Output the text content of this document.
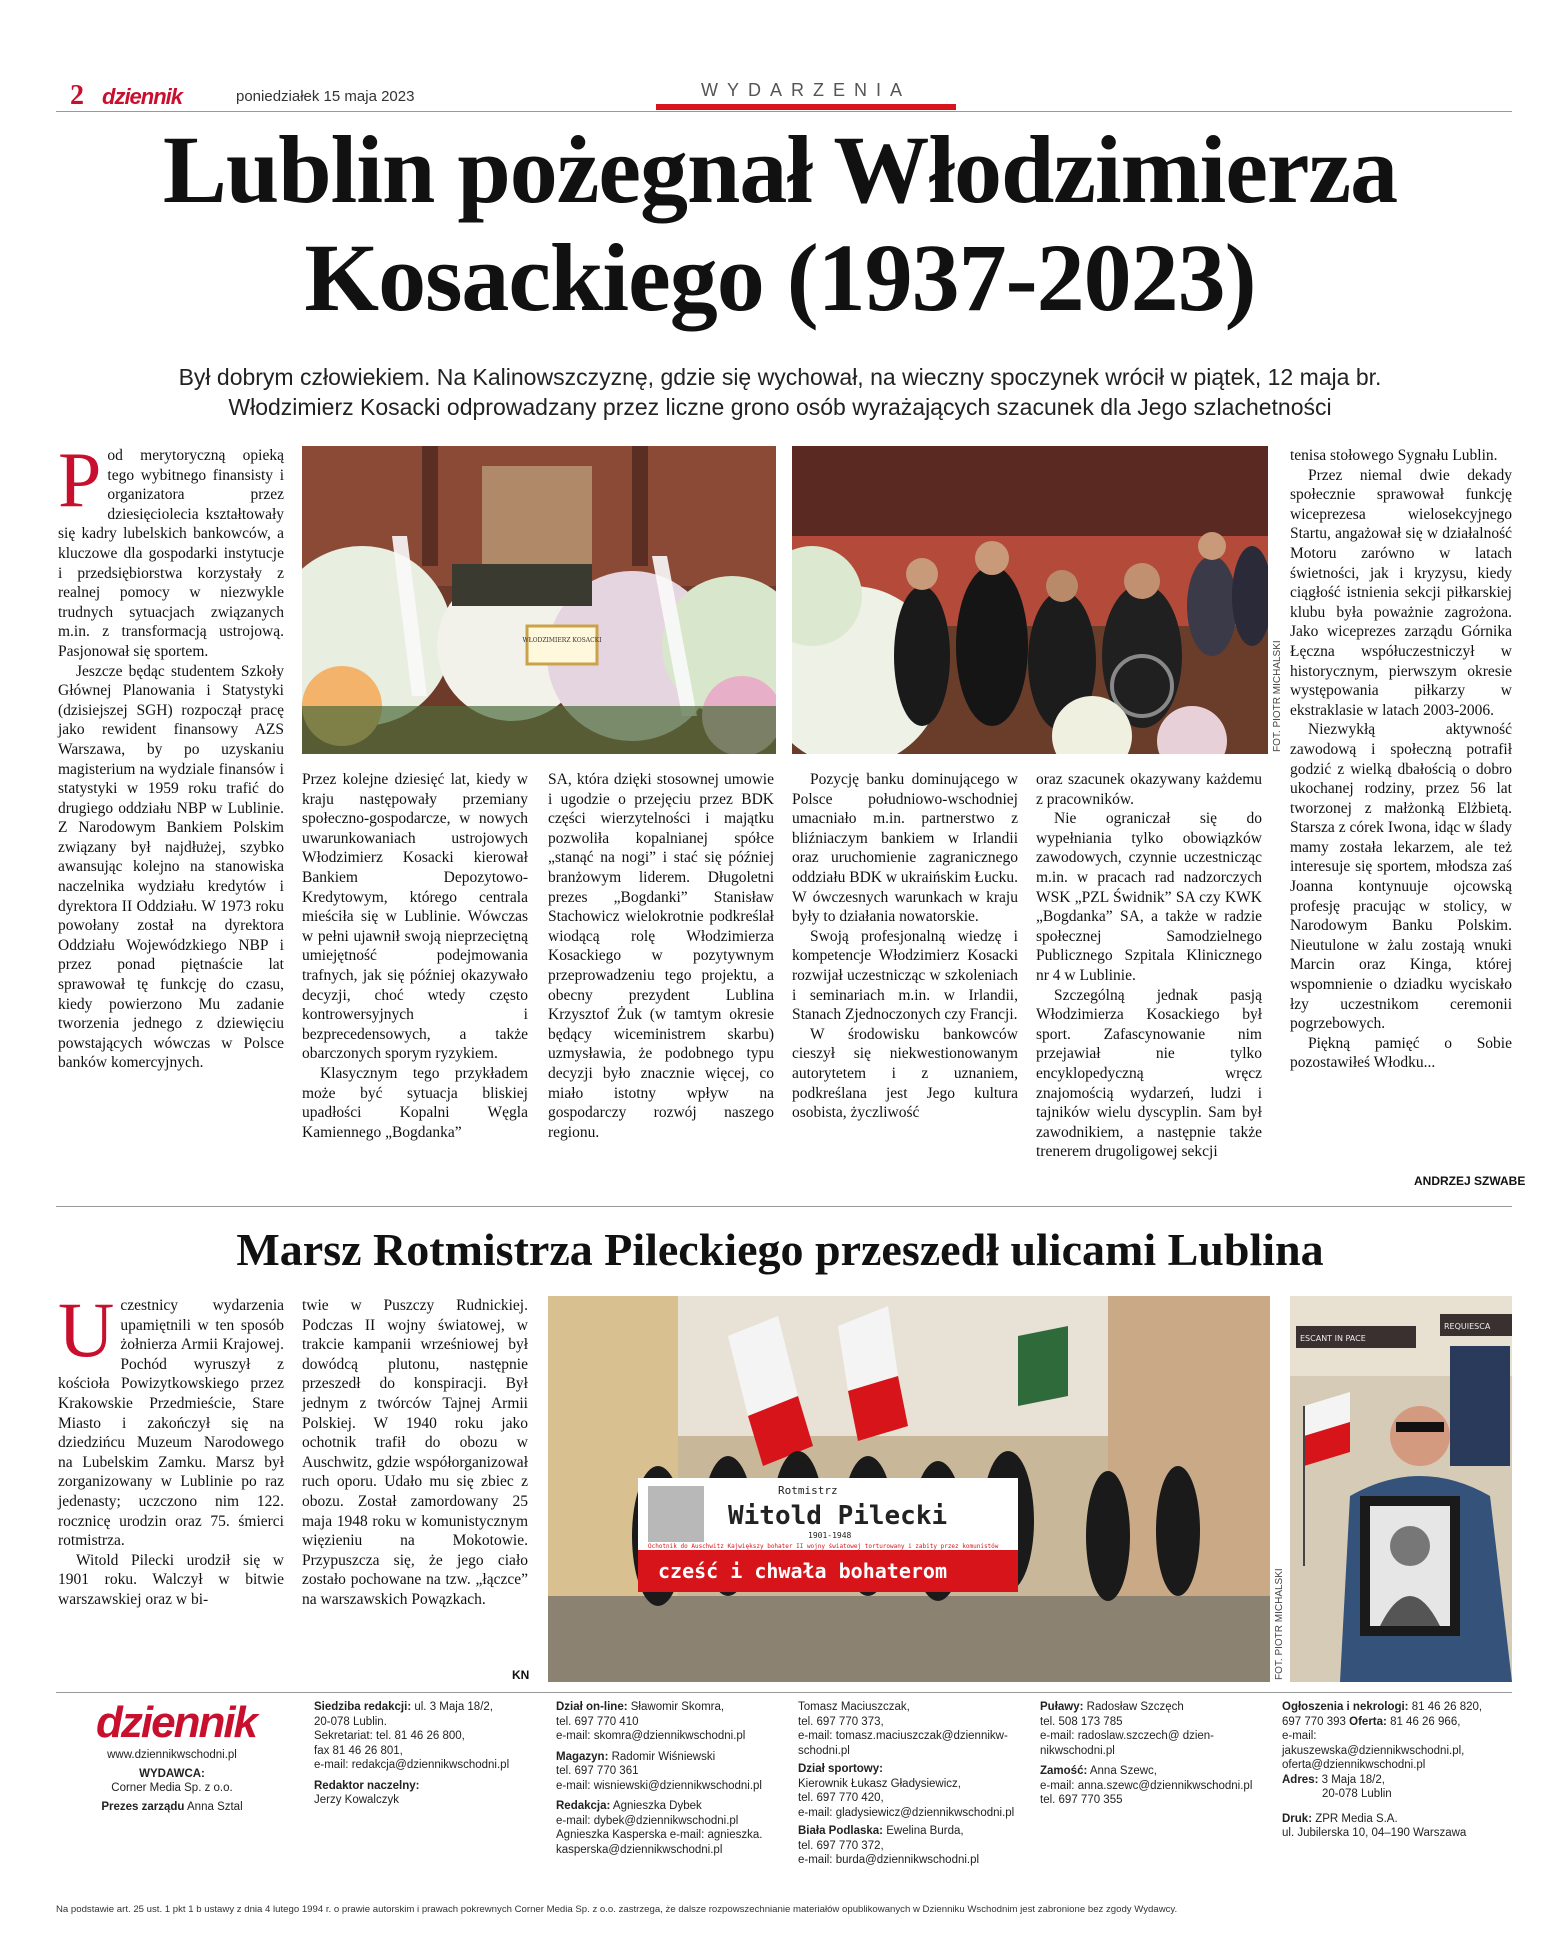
2 dziennik	poniedziałek 15 maja 2023	WYDARZENIA
Lublin pożegnał Włodzimierza
Kosackiego (1937-2023)
Był dobrym człowiekiem. Na Kalinowszczyznę, gdzie się wychował, na wieczny spoczynek wrócił w piątek, 12 maja br.
Włodzimierz Kosacki odprowadzany przez liczne grono osób wyrażających szacunek dla Jego szlachetności

Pod merytoryczną opieką tego wybitnego finansisty i organizatora przez dziesięciolecia kształtowały się kadry lubelskich bankowców, a kluczowe dla gospodarki instytucje i przedsiębiorstwa korzystały z realnej pomocy w niezwykle trudnych sytuacjach związanych m.in. z transformacją ustrojową. Pasjonował się sportem.

Jeszcze będąc studentem Szkoły Głównej Planowania i Statystyki (dzisiejszej SGH) rozpoczął pracę jako rewident finansowy AZS Warszawa, by po uzyskaniu magisterium na wydziale finansów i statystyki w 1959 roku trafić do drugiego oddziału NBP w Lublinie. Z Narodowym Bankiem Polskim związany był najdłużej, szybko awansując kolejno na stanowiska naczelnika wydziału kredytów i dyrektora II Oddziału. W 1973 roku powołany został na dyrektora Oddziału Wojewódzkiego NBP i przez ponad piętnaście lat sprawował tę funkcję do czasu, kiedy powierzono Mu zadanie tworzenia jednego z dziewięciu powstających wówczas w Polsce banków komercyjnych.

WŁODZIMIERZ KOSACKI	FOT. PIOTR MICHALSKI

Przez kolejne dziesięć lat, kiedy w kraju następowały przemiany społeczno-gospodarcze, w nowych uwarunkowaniach ustrojowych Włodzimierz Kosacki kierował Bankiem Depozytowo-Kredytowym, którego centrala mieściła się w Lublinie. Wówczas w pełni ujawnił swoją nieprzeciętną umiejętność podejmowania trafnych, jak się później okazywało decyzji, choć wtedy często kontrowersyjnych i bezprecedensowych, a także obarczonych sporym ryzykiem.

Klasycznym tego przykładem może być sytuacja bliskiej upadłości Kopalni Węgla Kamiennego „Bogdanka”

SA, która dzięki stosownej umowie i ugodzie o przejęciu przez BDK części wierzytelności i majątku pozwoliła kopalnianej spółce „stanąć na nogi” i stać się później branżowym liderem. Długoletni prezes „Bogdanki” Stanisław Stachowicz wielokrotnie podkreślał wiodącą rolę Włodzimierza Kosackiego w pozytywnym przeprowadzeniu tego projektu, a obecny prezydent Lublina Krzysztof Żuk (w tamtym okresie będący wiceministrem skarbu) uzmysławia, że podobnego typu decyzji było znacznie więcej, co miało istotny wpływ na gospodarczy rozwój naszego regionu.

Pozycję banku dominującego w Polsce południowo-wschodniej umacniało m.in. partnerstwo z bliźniaczym bankiem w Irlandii oraz uruchomienie zagranicznego oddziału BDK w ukraińskim Łucku. W ówczesnych warunkach w kraju były to działania nowatorskie.

Swoją profesjonalną wiedzę i kompetencje Włodzimierz Kosacki rozwijał uczestnicząc w szkoleniach i seminariach m.in. w Irlandii, Stanach Zjednoczonych czy Francji.

W środowisku bankowców cieszył się niekwestionowanym autorytetem i z uznaniem, podkreślana jest Jego kultura osobista, życzliwość

oraz szacunek okazywany każdemu z pracowników.

Nie ograniczał się do wypełniania tylko obowiązków zawodowych, czynnie uczestnicząc m.in. w pracach rad nadzorczych WSK „PZL Świdnik” SA czy KWK „Bogdanka” SA, a także w radzie społecznej Samodzielnego Publicznego Szpitala Klinicznego nr 4 w Lublinie.

Szczególną jednak pasją Włodzimierza Kosackiego był sport. Zafascynowanie nim przejawiał nie tylko encyklopedyczną wręcz znajomością wydarzeń, ludzi i tajników wielu dyscyplin. Sam był zawodnikiem, a następnie także trenerem drugoligowej sekcji

tenisa stołowego Sygnału Lublin.

Przez niemal dwie dekady społecznie sprawował funkcję wiceprezesa wielosekcyjnego Startu, angażował się w działalność Motoru zarówno w latach świetności, jak i kryzysu, kiedy ciągłość istnienia sekcji piłkarskiej klubu była poważnie zagrożona. Jako wiceprezes zarządu Górnika Łęczna współuczestniczył w historycznym, pierwszym okresie występowania piłkarzy w ekstraklasie w latach 2003-2006.

Niezwykłą aktywność zawodową i społeczną potrafił godzić z wielką dbałością o dobro ukochanej rodziny, przez 56 lat tworzonej z małżonką Elżbietą. Starsza z córek Iwona, idąc w ślady mamy została lekarzem, ale też interesuje się sportem, młodsza zaś Joanna kontynuuje ojcowską profesję pracując w stolicy, w Narodowym Banku Polskim. Nieutulone w żalu zostają wnuki Marcin oraz Kinga, której wspomnienie o dziadku wyciskało łzy uczestnikom ceremonii pogrzebowych.

Piękną pamięć o Sobie pozostawiłeś Włodku...

ANDRZEJ SZWABE
Marsz Rotmistrza Pileckiego przeszedł ulicami Lublina

Uczestnicy wydarzenia upamiętnili w ten sposób żołnierza Armii Krajowej. Pochód wyruszył z kościoła Powizytkowskiego przez Krakowskie Przedmieście, Stare Miasto i zakończył się na dziedzińcu Muzeum Narodowego na Lubelskim Zamku. Marsz był zorganizowany w Lublinie po raz jedenasty; uczczono nim 122. rocznicę urodzin oraz 75. śmierci rotmistrza.

Witold Pilecki urodził się w 1901 roku. Walczył w bitwie warszawskiej oraz w bi-

twie w Puszczy Rudnickiej. Podczas II wojny światowej, w trakcie kampanii wrześniowej był dowódcą plutonu, następnie przeszedł do konspiracji. Był jednym z twórców Tajnej Armii Polskiej. W 1940 roku jako ochotnik trafił do obozu w Auschwitz, gdzie współorganizował ruch oporu. Udało mu się zbiec z obozu. Został zamordowany 25 maja 1948 roku w komunistycznym więzieniu na Mokotowie. Przypuszcza się, że jego ciało zostało pochowane na tzw. „łączce” na warszawskich Powązkach.

KN
Rotmistrz
Witold Pilecki
1901-1948
Ochotnik do Auschwitz Kajwiększy bohater II wojny światowej torturowany i zabity przez komunistów
cześć i chwała bohaterom
ESCANT IN PACE
REQUIESCA
FOT. PIOTR MICHALSKI
dziennik
www.dziennikwschodni.pl
WYDAWCA:
Corner Media Sp. z o.o.
Prezes zarządu Anna Sztal
Siedziba redakcji: ul. 3 Maja 18/2,
20-078 Lublin.
Sekretariat: tel. 81 46 26 800,
fax 81 46 26 801,
e-mail: redakcja@dziennikwschodni.pl
Redaktor naczelny:
Jerzy Kowalczyk
Dział on-line: Sławomir Skomra,
tel. 697 770 410
e-mail: skomra@dziennikwschodni.pl
Magazyn: Radomir Wiśniewski
tel. 697 770 361
e-mail: wisniewski@dziennikwschodni.pl
Redakcja: Agnieszka Dybek
e-mail: dybek@dziennikwschodni.pl
Agnieszka Kasperska e-mail: agnieszka.
kasperska@dziennikwschodni.pl
Tomasz Maciuszczak,
tel. 697 770 373,
e-mail: tomasz.maciuszczak@dziennikw-
schodni.pl
Dział sportowy:
Kierownik Łukasz Gładysiewicz,
tel. 697 770 420,
e-mail: gladysiewicz@dziennikwschodni.pl
Biała Podlaska: Ewelina Burda,
tel. 697 770 372,
e-mail: burda@dziennikwschodni.pl
Puławy: Radosław Szczęch
tel. 508 173 785
e-mail: radoslaw.szczech@ dzien-
nikwschodni.pl
Zamość: Anna Szewc,
e-mail: anna.szewc@dziennikwschodni.pl
tel. 697 770 355
Ogłoszenia i nekrologi: 81 46 26 820,
697 770 393 Oferta: 81 46 26 966,
e-mail:
jakuszewska@dziennikwschodni.pl,
oferta@dziennikwschodni.pl
Adres: 3 Maja 18/2,
20-078 Lublin
Druk: ZPR Media S.A.
ul. Jubilerska 10, 04–190 Warszawa
Na podstawie art. 25 ust. 1 pkt 1 b ustawy z dnia 4 lutego 1994 r. o prawie autorskim i prawach pokrewnych Corner Media Sp. z o.o. zastrzega, że dalsze rozpowszechnianie materiałów opublikowanych w Dzienniku Wschodnim jest zabronione bez zgody Wydawcy.
